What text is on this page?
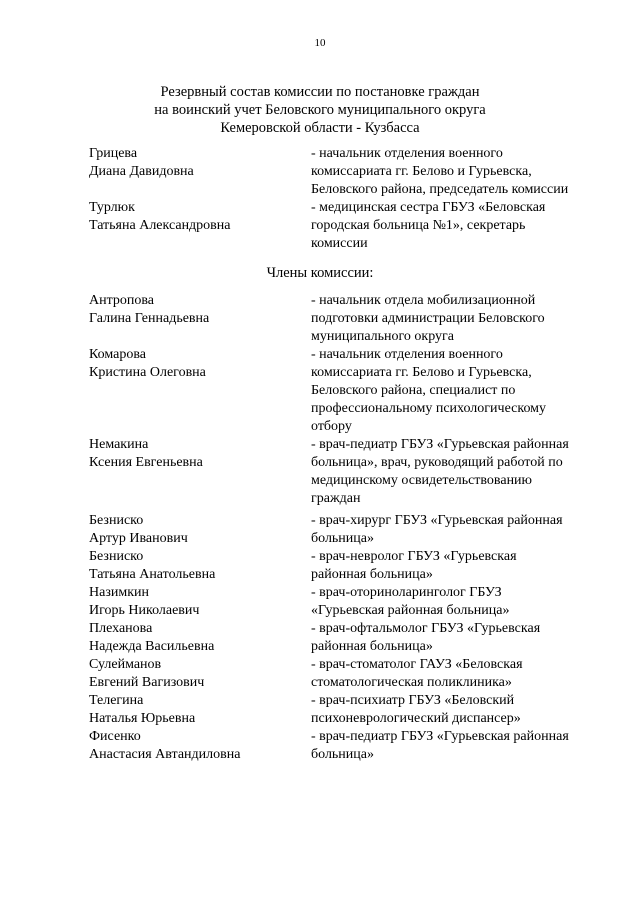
10
Резервный состав комиссии по постановке граждан
на воинский учет Беловского муниципального округа
Кемеровской области - Кузбасса
Грицева
Диана Давидовна
- начальник отделения военного
комиссариата гг. Белово и Гурьевска,
Беловского района, председатель комиссии
Турлюк
Татьяна Александровна
- медицинская сестра ГБУЗ «Беловская
городская больница №1», секретарь
комиссии
Члены комиссии:
Антропова
Галина Геннадьевна
- начальник отдела мобилизационной
подготовки администрации Беловского
муниципального округа
Комарова
Кристина Олеговна
- начальник отделения военного
комиссариата гг. Белово и Гурьевска,
Беловского района, специалист по
профессиональному психологическому
отбору
Немакина
Ксения Евгеньевна
- врач-педиатр ГБУЗ «Гурьевская районная
больница», врач, руководящий работой по
медицинскому освидетельствованию
граждан
Безниско
Артур Иванович
- врач-хирург ГБУЗ «Гурьевская районная
больница»
Безниско
Татьяна Анатольевна
- врач-невролог ГБУЗ «Гурьевская
районная больница»
Назимкин
Игорь Николаевич
- врач-оториноларинголог ГБУЗ
«Гурьевская районная больница»
Плеханова
Надежда Васильевна
- врач-офтальмолог ГБУЗ «Гурьевская
районная больница»
Сулейманов
Евгений Вагизович
- врач-стоматолог ГАУЗ «Беловская
стоматологическая поликлиника»
Телегина
Наталья Юрьевна
- врач-психиатр ГБУЗ «Беловский
психоневрологический диспансер»
Фисенко
Анастасия Автандиловна
- врач-педиатр ГБУЗ «Гурьевская районная
больница»
